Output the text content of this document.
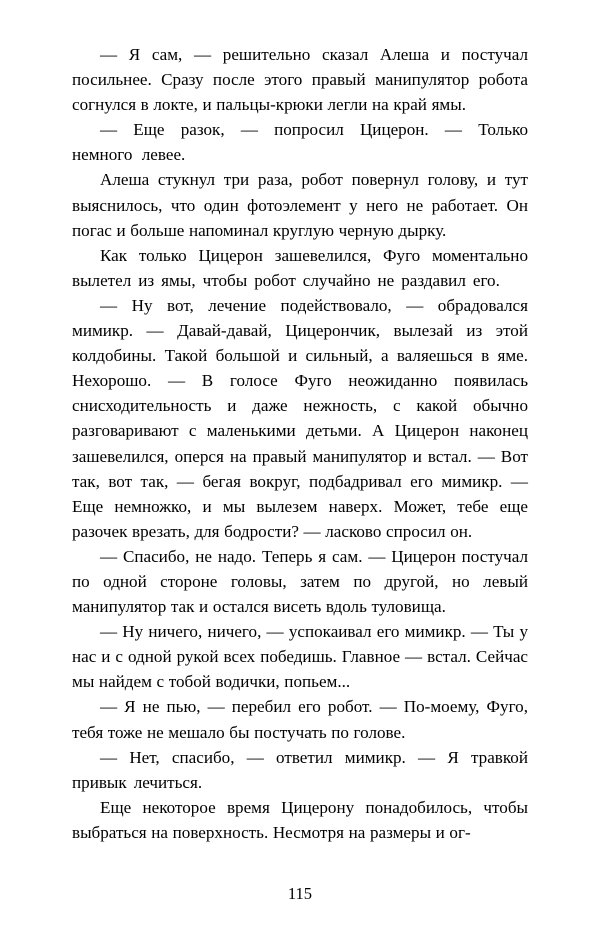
— Я сам, — решительно сказал Алеша и постучал посильнее. Сразу после этого правый манипулятор робота согнулся в локте, и пальцы-крюки легли на край ямы.

— Еще разок, — попросил Цицерон. — Только немного левее.

Алеша стукнул три раза, робот повернул голову, и тут выяснилось, что один фотоэлемент у него не работает. Он погас и больше напоминал круглую черную дырку.

Как только Цицерон зашевелился, Фуго моментально вылетел из ямы, чтобы робот случайно не раздавил его.

— Ну вот, лечение подействовало, — обрадовался мимикр. — Давай-давай, Цицерончик, вылезай из этой колдобины. Такой большой и сильный, а валяешься в яме. Нехорошо. — В голосе Фуго неожиданно появилась снисходительность и даже нежность, с какой обычно разговаривают с маленькими детьми. А Цицерон наконец зашевелился, оперся на правый манипулятор и встал. — Вот так, вот так, — бегая вокруг, подбадривал его мимикр. — Еще немножко, и мы вылезем наверх. Может, тебе еще разочек врезать, для бодрости? — ласково спросил он.

— Спасибо, не надо. Теперь я сам. — Цицерон постучал по одной стороне головы, затем по другой, но левый манипулятор так и остался висеть вдоль туловища.

— Ну ничего, ничего, — успокаивал его мимикр. — Ты у нас и с одной рукой всех победишь. Главное — встал. Сейчас мы найдем с тобой водички, попьем...

— Я не пью, — перебил его робот. — По-моему, Фуго, тебя тоже не мешало бы постучать по голове.

— Нет, спасибо, — ответил мимикр. — Я травкой привык лечиться.

Еще некоторое время Цицерону понадобилось, чтобы выбраться на поверхность. Несмотря на размеры и ог-

115
